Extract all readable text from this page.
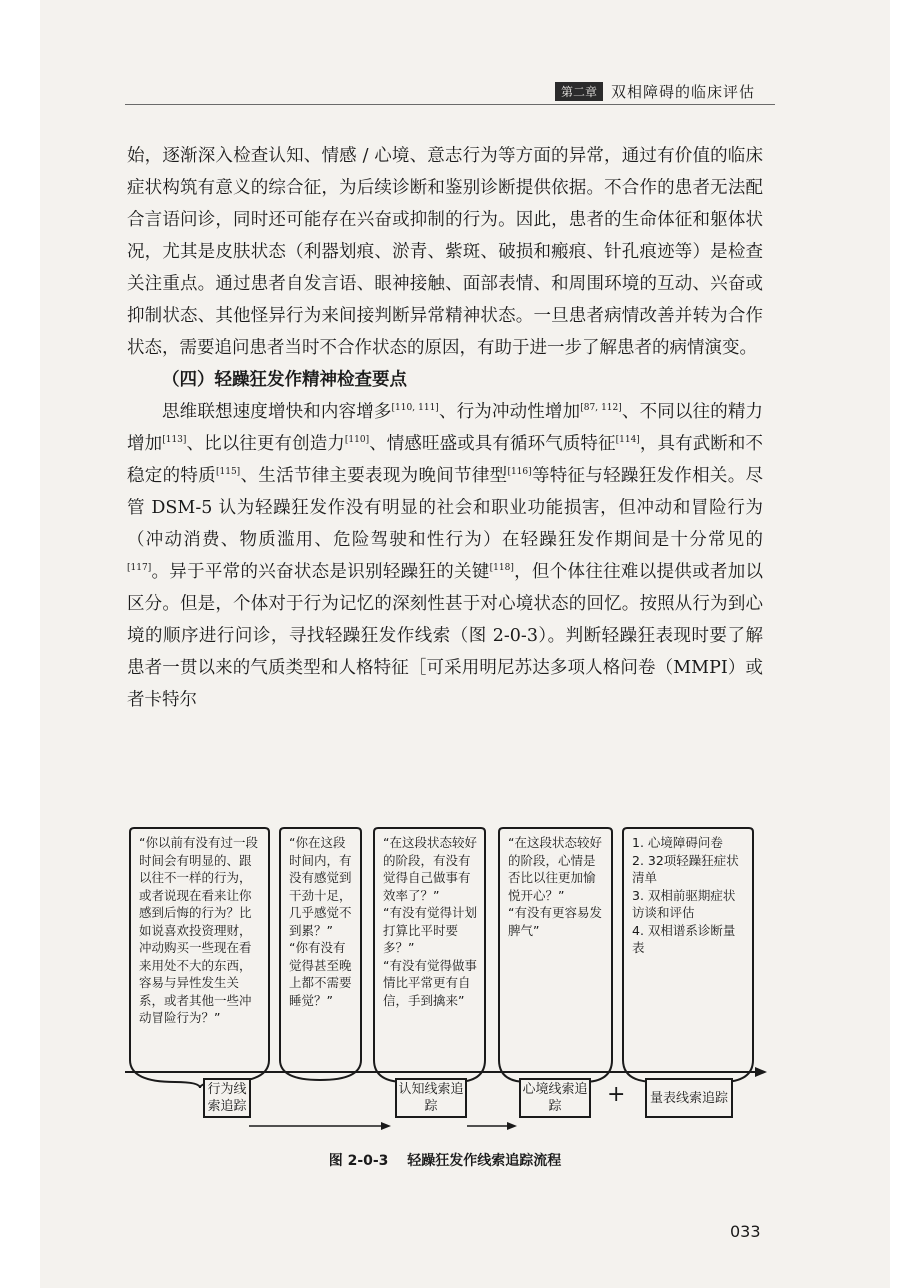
第二章 双相障碍的临床评估

始，逐渐深入检查认知、情感 / 心境、意志行为等方面的异常，通过有价值的临床症状构筑有意义的综合征，为后续诊断和鉴别诊断提供依据。不合作的患者无法配合言语问诊，同时还可能存在兴奋或抑制的行为。因此，患者的生命体征和躯体状况，尤其是皮肤状态（利器划痕、淤青、紫斑、破损和瘢痕、针孔痕迹等）是检查关注重点。通过患者自发言语、眼神接触、面部表情、和周围环境的互动、兴奋或抑制状态、其他怪异行为来间接判断异常精神状态。一旦患者病情改善并转为合作状态，需要追问患者当时不合作状态的原因，有助于进一步了解患者的病情演变。

（四）轻躁狂发作精神检查要点

思维联想速度增快和内容增多[110, 111]、行为冲动性增加[87, 112]、不同以往的精力增加[113]、比以往更有创造力[110]、情感旺盛或具有循环气质特征[114]，具有武断和不稳定的特质[115]、生活节律主要表现为晚间节律型[116]等特征与轻躁狂发作相关。尽管 DSM-5 认为轻躁狂发作没有明显的社会和职业功能损害，但冲动和冒险行为（冲动消费、物质滥用、危险驾驶和性行为）在轻躁狂发作期间是十分常见的[117]。异于平常的兴奋状态是识别轻躁狂的关键[118]，但个体往往难以提供或者加以区分。但是，个体对于行为记忆的深刻性甚于对心境状态的回忆。按照从行为到心境的顺序进行问诊，寻找轻躁狂发作线索（图 2-0-3）。判断轻躁狂表现时要了解患者一贯以来的气质类型和人格特征［可采用明尼苏达多项人格问卷（MMPI）或者卡特尔

“你以前有没有过一段时间会有明显的、跟以往不一样的行为，或者说现在看来让你感到后悔的行为？比如说喜欢投资理财，冲动购买一些现在看来用处不大的东西，容易与异性发生关系，或者其他一些冲动冒险行为？”
“你在这段时间内，有没有感觉到干劲十足，几乎感觉不到累？”
“你有没有觉得甚至晚上都不需要睡觉？”
“在这段状态较好的阶段，有没有觉得自己做事有效率了？”
“有没有觉得计划打算比平时要多？”
“有没有觉得做事情比平常更有自信，手到擒来”
“在这段状态较好的阶段，心情是否比以往更加愉悦开心？”
“有没有更容易发脾气”
1. 心境障碍问卷
2. 32项轻躁狂症状清单
3. 双相前驱期症状访谈和评估
4. 双相谱系诊断量表
行为线索追踪
认知线索追踪
心境线索追踪	+ 量表线索追踪
图 2-0-3 轻躁狂发作线索追踪流程
033
